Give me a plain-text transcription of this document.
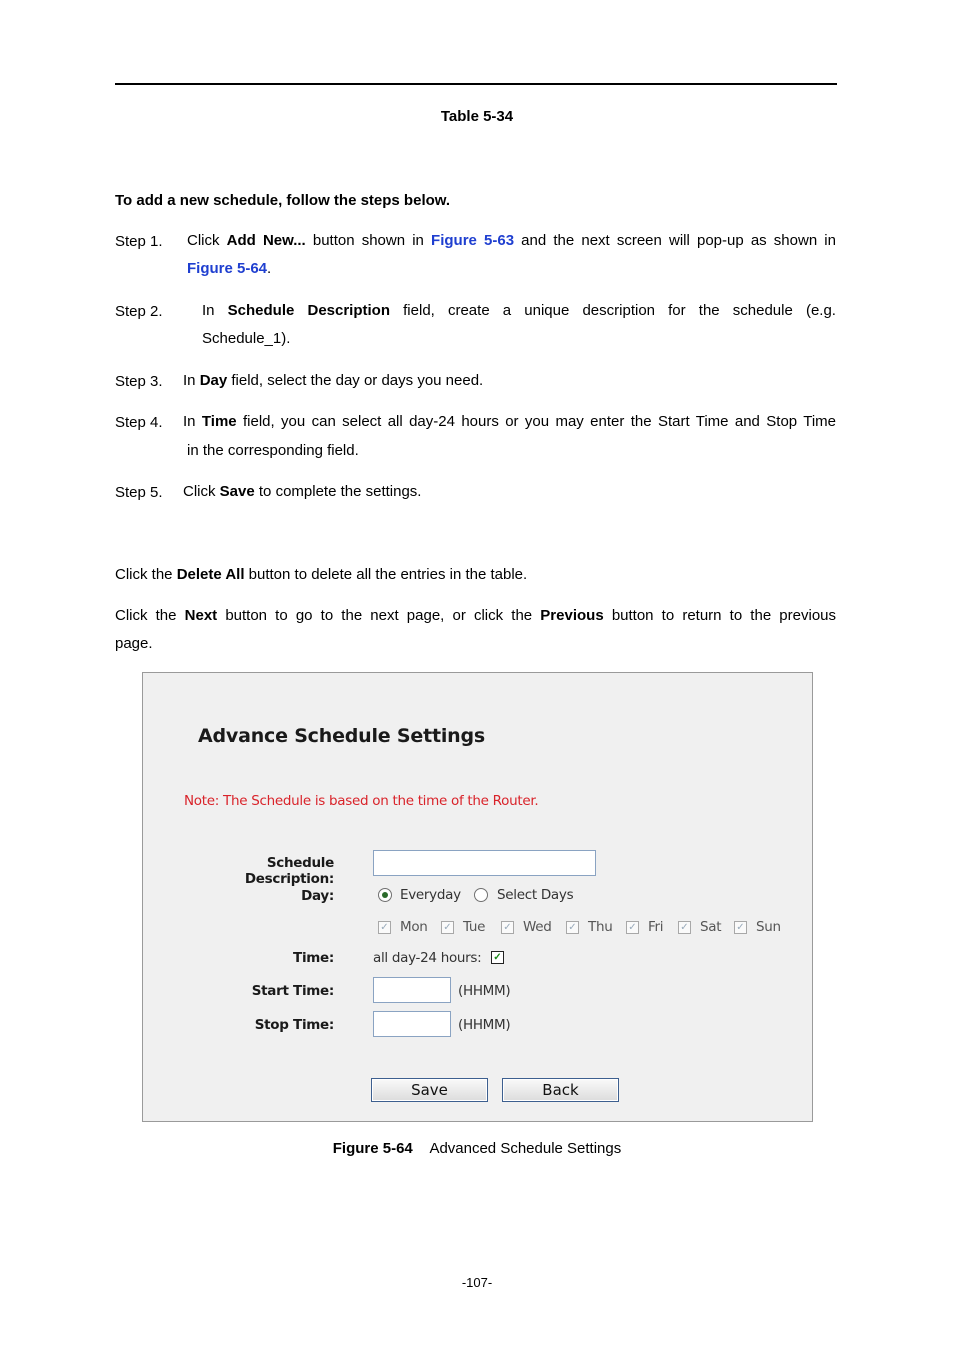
Table 5-34
To add a new schedule, follow the steps below.
Step 1. Click Add New... button shown in Figure 5-63 and the next screen will pop-up as shown in
Figure 5-64.
Step 2.	In Schedule Description field, create a unique description for the schedule (e.g.
Schedule_1).
Step 3. In Day field, select the day or days you need.
Step 4. In Time field, you can select all day-24 hours or you may enter the Start Time and Stop Time
in the corresponding field.
Step 5. Click Save to complete the settings.
Click the Delete All button to delete all the entries in the table.
Click the Next button to go to the next page, or click the Previous button to return to the previous
page.
Advance Schedule Settings
Note: The Schedule is based on the time of the Router.
Schedule Description:
Day:	Everyday	Select Days
✓ Mon ✓ Tue ✓ Wed ✓ Thu ✓ Fri ✓ Sat ✓ Sun
Time:	all day-24 hours: ✓
Start Time:	(HHMM)
Stop Time:	(HHMM)
Save	Back
Figure 5-64 Advanced Schedule Settings
-107-
